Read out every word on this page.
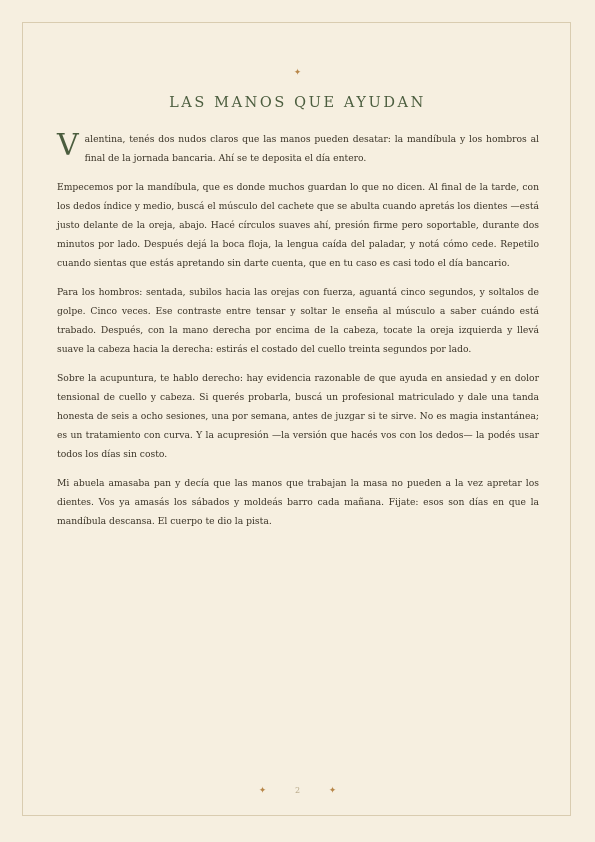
✦
LAS MANOS QUE AYUDAN

Valentina, tenés dos nudos claros que las manos pueden desatar: la mandíbula y los hombros al final de la jornada bancaria. Ahí se te deposita el día entero.

Empecemos por la mandíbula, que es donde muchos guardan lo que no dicen. Al final de la tarde, con los dedos índice y medio, buscá el músculo del cachete que se abulta cuando apretás los dientes —está justo delante de la oreja, abajo. Hacé círculos suaves ahí, presión firme pero soportable, durante dos minutos por lado. Después dejá la boca floja, la lengua caída del paladar, y notá cómo cede. Repetilo cuando sientas que estás apretando sin darte cuenta, que en tu caso es casi todo el día bancario.

Para los hombros: sentada, subilos hacia las orejas con fuerza, aguantá cinco segundos, y soltalos de golpe. Cinco veces. Ese contraste entre tensar y soltar le enseña al músculo a saber cuándo está trabado. Después, con la mano derecha por encima de la cabeza, tocate la oreja izquierda y llevá suave la cabeza hacia la derecha: estirás el costado del cuello treinta segundos por lado.

Sobre la acupuntura, te hablo derecho: hay evidencia razonable de que ayuda en ansiedad y en dolor tensional de cuello y cabeza. Si querés probarla, buscá un profesional matriculado y dale una tanda honesta de seis a ocho sesiones, una por semana, antes de juzgar si te sirve. No es magia instantánea; es un tratamiento con curva. Y la acupresión —la versión que hacés vos con los dedos— la podés usar todos los días sin costo.

Mi abuela amasaba pan y decía que las manos que trabajan la masa no pueden a la vez apretar los dientes. Vos ya amasás los sábados y moldeás barro cada mañana. Fijate: esos son días en que la mandíbula descansa. El cuerpo te dio la pista.

✦	2	✦
